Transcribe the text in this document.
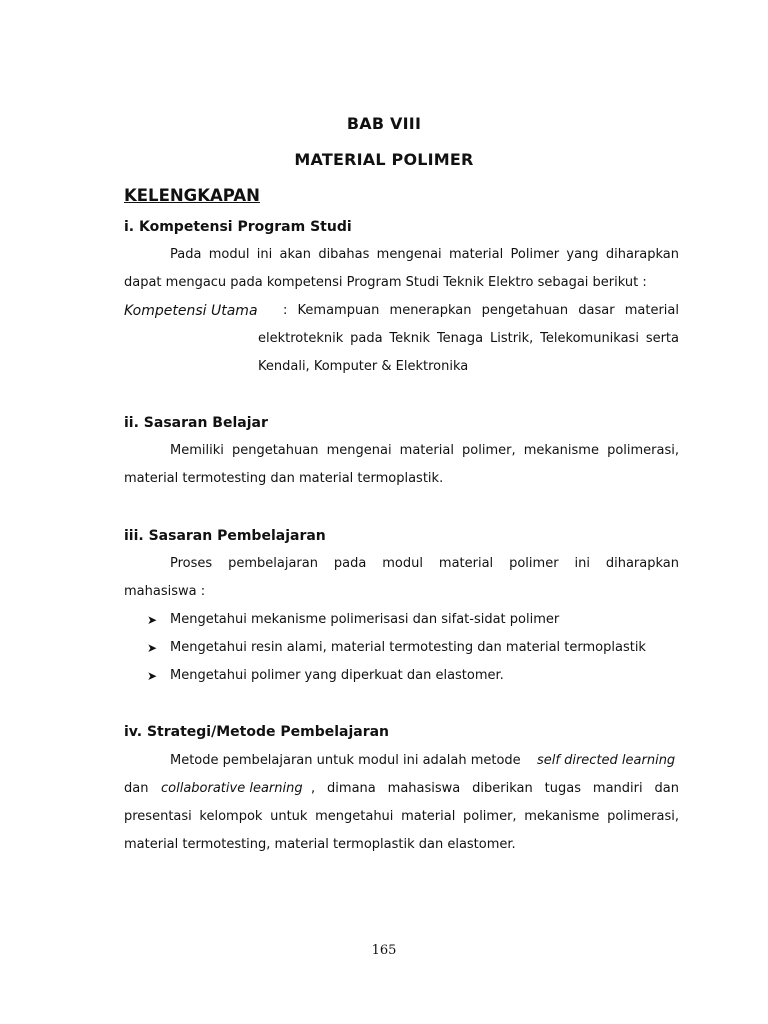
BAB VIII
MATERIAL POLIMER
KELENGKAPAN
i. Kompetensi Program Studi
Pada modul ini akan dibahas mengenai material Polimer yang diharapkan
dapat mengacu pada kompetensi Program Studi Teknik Elektro sebagai berikut :
Kompetensi Utama : Kemampuan menerapkan pengetahuan dasar material
elektroteknik pada Teknik Tenaga Listrik, Telekomunikasi serta
Kendali, Komputer & Elektronika
ii. Sasaran Belajar
Memiliki pengetahuan mengenai material polimer, mekanisme polimerasi,
material termotesting dan material termoplastik.
iii. Sasaran Pembelajaran
Proses pembelajaran pada modul material polimer ini diharapkan
mahasiswa :
➤ Mengetahui mekanisme polimerisasi dan sifat-sidat polimer
➤ Mengetahui resin alami, material termotesting dan material termoplastik
➤ Mengetahui polimer yang diperkuat dan elastomer.
iv. Strategi/Metode Pembelajaran
Metode pembelajaran untuk modul ini adalah metode self directed learning
dan collaborative learning , dimana mahasiswa diberikan tugas mandiri dan
presentasi kelompok untuk mengetahui material polimer, mekanisme polimerasi,
material termotesting, material termoplastik dan elastomer.
165
